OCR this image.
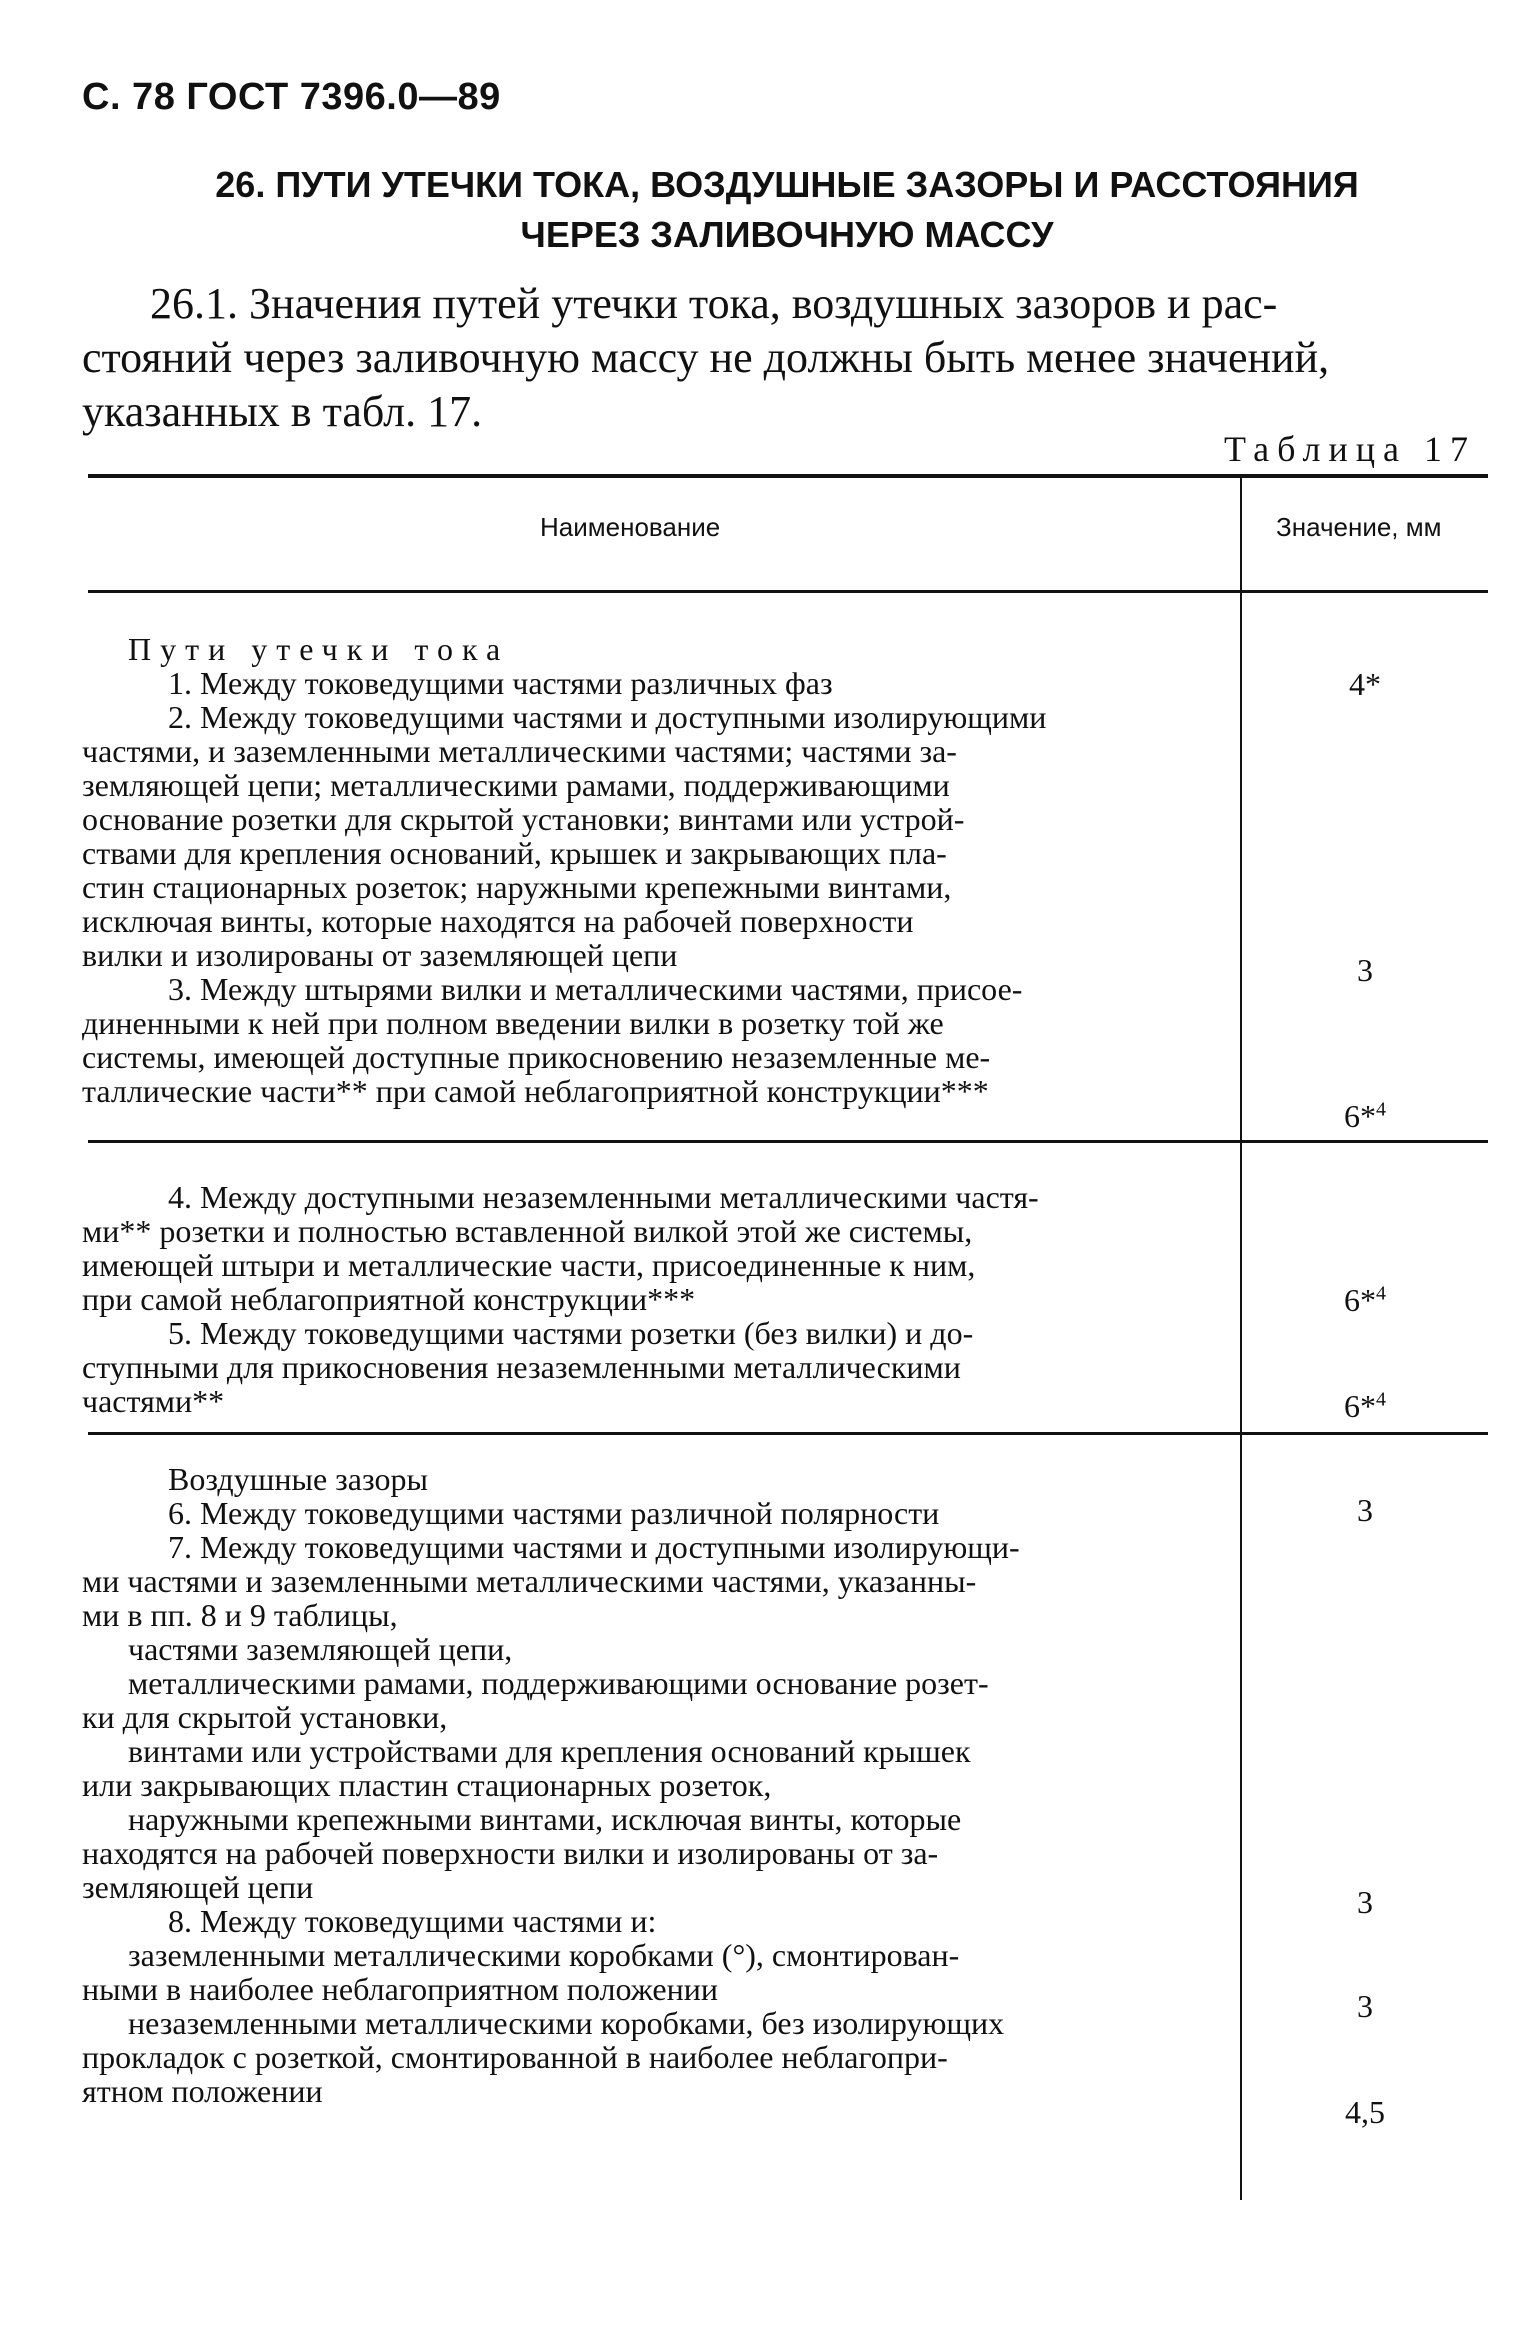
С. 78 ГОСТ 7396.0—89
26. ПУТИ УТЕЧКИ ТОКА, ВОЗДУШНЫЕ ЗАЗОРЫ И РАССТОЯНИЯ
ЧЕРЕЗ ЗАЛИВОЧНУЮ МАССУ
26.1. Значения путей утечки тока, воздушных зазоров и рас-
стояний через заливочную массу не должны быть менее значений,
указанных в табл. 17.
Таблица 17
Наименование	Значение, мм
Пути утечки тока
1. Между токоведущими частями различных фаз
2. Между токоведущими частями и доступными изолирующими
частями, и заземленными металлическими частями; частями за-
земляющей цепи; металлическими рамами, поддерживающими
основание розетки для скрытой установки; винтами или устрой-
ствами для крепления оснований, крышек и закрывающих пла-
стин стационарных розеток; наружными крепежными винтами,
исключая винты, которые находятся на рабочей поверхности
вилки и изолированы от заземляющей цепи
3. Между штырями вилки и металлическими частями, присое-
диненными к ней при полном введении вилки в розетку той же
системы, имеющей доступные прикосновению незаземленные ме-
таллические части** при самой неблагоприятной конструкции***
4*
3
6*$^4$
4. Между доступными незаземленными металлическими частя-
ми** розетки и полностью вставленной вилкой этой же системы,
имеющей штыри и металлические части, присоединенные к ним,
при самой неблагоприятной конструкции***
5. Между токоведущими частями розетки (без вилки) и до-
ступными для прикосновения незаземленными металлическими
частями**
6*$^4$
6*$^4$
Воздушные зазоры
6. Между токоведущими частями различной полярности
7. Между токоведущими частями и доступными изолирующи-
ми частями и заземленными металлическими частями, указанны-
ми в пп. 8 и 9 таблицы,
частями заземляющей цепи,
металлическими рамами, поддерживающими основание розет-
ки для скрытой установки,
винтами или устройствами для крепления оснований крышек
или закрывающих пластин стационарных розеток,
наружными крепежными винтами, исключая винты, которые
находятся на рабочей поверхности вилки и изолированы от за-
земляющей цепи
8. Между токоведущими частями и:
заземленными металлическими коробками (°), смонтирован-
ными в наиболее неблагоприятном положении
незаземленными металлическими коробками, без изолирующих
прокладок с розеткой, смонтированной в наиболее неблагопри-
ятном положении
3
3
3
4,5
